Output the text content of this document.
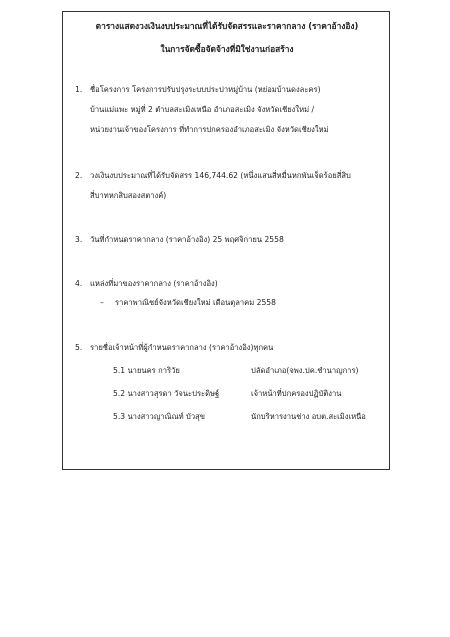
ตารางแสดงวงเงินงบประมาณที่ได้รับจัดสรรและราคากลาง (ราคาอ้างอิง)
ในการจัดซื้อจัดจ้างที่มิใช่งานก่อสร้าง
1. ชื่อโครงการ โครงการปรับปรุงระบบประปาหมู่บ้าน (หย่อมบ้านดงละคร)
บ้านแม่แพะ หมู่ที่ 2 ตำบลสะเมิงเหนือ อำเภอสะเมิง จังหวัดเชียงใหม่ /
หน่วยงานเจ้าของโครงการ ที่ทำการปกครองอำเภอสะเมิง จังหวัดเชียงใหม่
2. วงเงินงบประมาณที่ได้รับจัดสรร 146,744.62 (หนึ่งแสนสี่หมื่นหกพันเจ็ดร้อยสี่สิบ
สี่บาทหกสิบสองสตางค์)
3. วันที่กำหนดราคากลาง (ราคาอ้างอิง) 25 พฤศจิกายน 2558
4. แหล่งที่มาของราคากลาง (ราคาอ้างอิง)
– ราคาพาณิชย์จังหวัดเชียงใหม่ เดือนตุลาคม 2558
5. รายชื่อเจ้าหน้าที่ผู้กำหนดราคากลาง (ราคาอ้างอิง)ทุกคน
5.1 นายนคร การิวัย	ปลัดอำเภอ(จพง.ปค.ชำนาญการ)
5.2 นางสาวสุรดา วัจนะประดิษฐ์	เจ้าหน้าที่ปกครองปฏิบัติงาน
5.3 นางสาวญาณิณท์ บัวสุข	นักบริหารงานช่าง อบต.สะเมิงเหนือ
